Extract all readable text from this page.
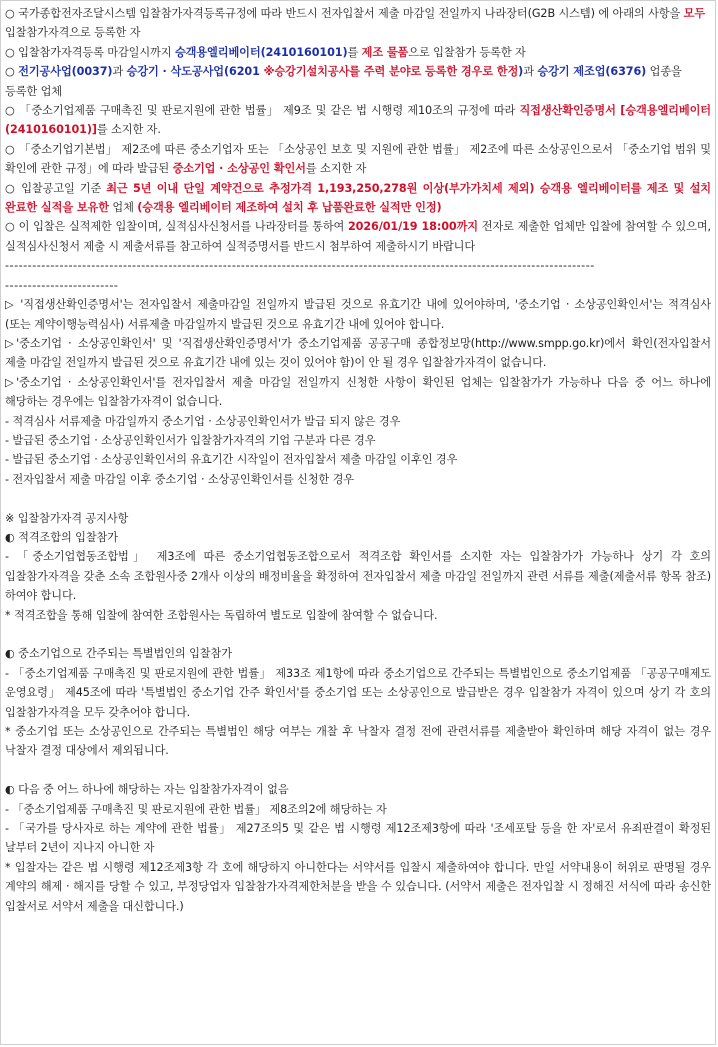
○ 국가종합전자조달시스템 입찰참가자격등록규정에 따라 반드시 전자입찰서 제출 마감일 전일까지 나라장터(G2B 시스템) 에 아래의 사항을 모두 입찰참가자격으로 등록한 자

○ 입찰참가자격등록 마감일시까지 승객용엘리베이터(2410160101)를 제조 물품으로 입찰참가 등록한 자

○ 전기공사업(0037)과 승강기 · 삭도공사업(6201 ※승강기설치공사를 주력 분야로 등록한 경우로 한정)과 승강기 제조업(6376) 업종을 등록한 업체

○ 「중소기업제품 구매촉진 및 판로지원에 관한 법률」 제9조 및 같은 법 시행령 제10조의 규정에 따라 직접생산확인증명서 [승객용엘리베이터(2410160101)]를 소지한 자.

○ 「중소기업기본법」 제2조에 따른 중소기업자 또는 「소상공인 보호 및 지원에 관한 법률」 제2조에 따른 소상공인으로서 「중소기업 범위 및 확인에 관한 규정」에 따라 발급된 중소기업 · 소상공인 확인서를 소지한 자

○ 입찰공고일 기준 최근 5년 이내 단일 계약건으로 추정가격 1,193,250,278원 이상(부가가치세 제외) 승객용 엘리베이터를 제조 및 설치 완료한 실적을 보유한 업체 (승객용 엘리베이터 제조하여 설치 후 납품완료한 실적만 인정)

○ 이 입찰은 실적제한 입찰이며, 실적심사신청서를 나라장터를 통하여 2026/01/19 18:00까지 전자로 제출한 업체만 입찰에 참여할 수 있으며, 실적심사신청서 제출 시 제출서류를 참고하여 실적증명서를 반드시 첨부하여 제출하시기 바랍니다

----------------------------------------------------------------------------------------------------------------------------------

-------------------------

▷ '직접생산확인증명서'는 전자입찰서 제출마감일 전일까지 발급된 것으로 유효기간 내에 있어야하며, '중소기업 · 소상공인확인서'는 적격심사(또는 계약이행능력심사) 서류제출 마감일까지 발급된 것으로 유효기간 내에 있어야 합니다.

▷'중소기업 · 소상공인확인서' 및 '직접생산확인증명서'가 중소기업제품 공공구매 종합정보망(http://www.smpp.go.kr)에서 확인(전자입찰서 제출 마감일 전일까지 발급된 것으로 유효기간 내에 있는 것이 있어야 함)이 안 될 경우 입찰참가자격이 없습니다.

▷'중소기업 · 소상공인확인서'를 전자입찰서 제출 마감일 전일까지 신청한 사항이 확인된 업체는 입찰참가가 가능하나 다음 중 어느 하나에 해당하는 경우에는 입찰참가자격이 없습니다.

- 적격심사 서류제출 마감일까지 중소기업 · 소상공인확인서가 발급 되지 않은 경우

- 발급된 중소기업 · 소상공인확인서가 입찰참가자격의 기업 구분과 다른 경우

- 발급된 중소기업 · 소상공인확인서의 유효기간 시작일이 전자입찰서 제출 마감일 이후인 경우

- 전자입찰서 제출 마감일 이후 중소기업 · 소상공인확인서를 신청한 경우

※ 입찰참가자격 공지사항

◐ 적격조합의 입찰참가

- 「중소기업협동조합법」 제3조에 따른 중소기업협동조합으로서 적격조합 확인서를 소지한 자는 입찰참가가 가능하나 상기 각 호의 입찰참가자격을 갖춘 소속 조합원사중 2개사 이상의 배정비율을 확정하여 전자입찰서 제출 마감일 전일까지 관련 서류를 제출(제출서류 항목 참조)하여야 합니다.

* 적격조합을 통해 입찰에 참여한 조합원사는 독립하여 별도로 입찰에 참여할 수 없습니다.

◐ 중소기업으로 간주되는 특별법인의 입찰참가

- 「중소기업제품 구매촉진 및 판로지원에 관한 법률」 제33조 제1항에 따라 중소기업으로 간주되는 특별법인으로 중소기업제품 「공공구매제도 운영요령」 제45조에 따라 '특별법인 중소기업 간주 확인서'를 중소기업 또는 소상공인으로 발급받은 경우 입찰참가 자격이 있으며 상기 각 호의 입찰참가자격을 모두 갖추어야 합니다.

* 중소기업 또는 소상공인으로 간주되는 특별법인 해당 여부는 개찰 후 낙찰자 결정 전에 관련서류를 제출받아 확인하며 해당 자격이 없는 경우 낙찰자 결정 대상에서 제외됩니다.

◐ 다음 중 어느 하나에 해당하는 자는 입찰참가자격이 없음

- 「중소기업제품 구매촉진 및 판로지원에 관한 법률」 제8조의2에 해당하는 자

- 「국가를 당사자로 하는 계약에 관한 법률」 제27조의5 및 같은 법 시행령 제12조제3항에 따라 '조세포탈 등을 한 자'로서 유죄판결이 확정된 날부터 2년이 지나지 아니한 자

* 입찰자는 같은 법 시행령 제12조제3항 각 호에 해당하지 아니한다는 서약서를 입찰시 제출하여야 합니다. 만일 서약내용이 허위로 판명될 경우 계약의 해제 · 해지를 당할 수 있고, 부정당업자 입찰참가자격제한처분을 받을 수 있습니다. (서약서 제출은 전자입찰 시 정해진 서식에 따라 송신한 입찰서로 서약서 제출을 대신합니다.)
